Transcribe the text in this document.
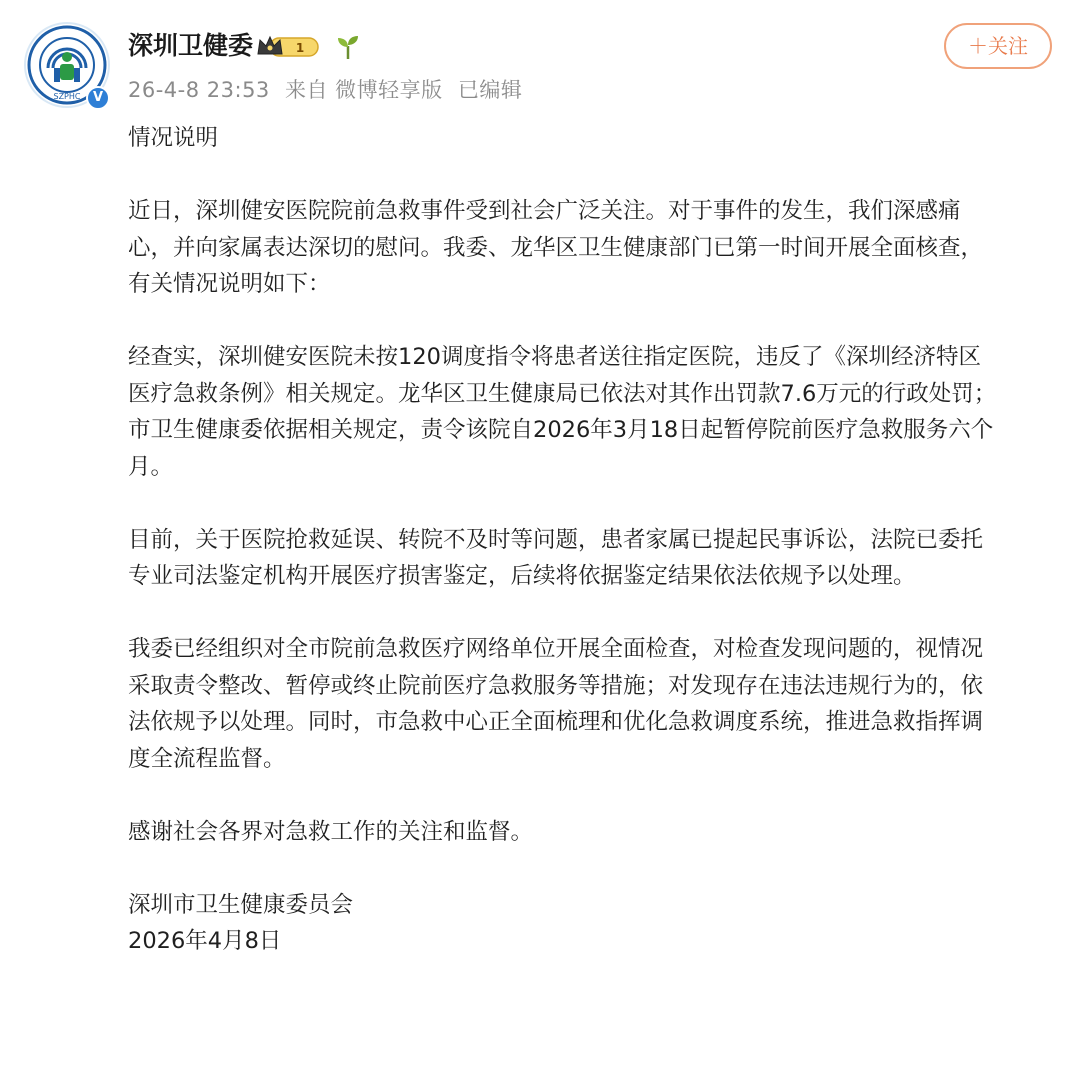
SZPHC V
深圳卫健委	1
26-4-8 23:53 来自 微博轻享版 已编辑
＋关注

情况说明

近日，深圳健安医院院前急救事件受到社会广泛关注。对于事件的发生，我们深感痛

心，并向家属表达深切的慰问。我委、龙华区卫生健康部门已第一时间开展全面核查，

有关情况说明如下：

经查实，深圳健安医院未按120调度指令将患者送往指定医院，违反了《深圳经济特区

医疗急救条例》相关规定。龙华区卫生健康局已依法对其作出罚款7.6万元的行政处罚；

市卫生健康委依据相关规定，责令该院自2026年3月18日起暂停院前医疗急救服务六个

月。

目前，关于医院抢救延误、转院不及时等问题，患者家属已提起民事诉讼，法院已委托

专业司法鉴定机构开展医疗损害鉴定，后续将依据鉴定结果依法依规予以处理。

我委已经组织对全市院前急救医疗网络单位开展全面检查，对检查发现问题的，视情况

采取责令整改、暂停或终止院前医疗急救服务等措施；对发现存在违法违规行为的，依

法依规予以处理。同时，市急救中心正全面梳理和优化急救调度系统，推进急救指挥调

度全流程监督。

感谢社会各界对急救工作的关注和监督。

深圳市卫生健康委员会

2026年4月8日
